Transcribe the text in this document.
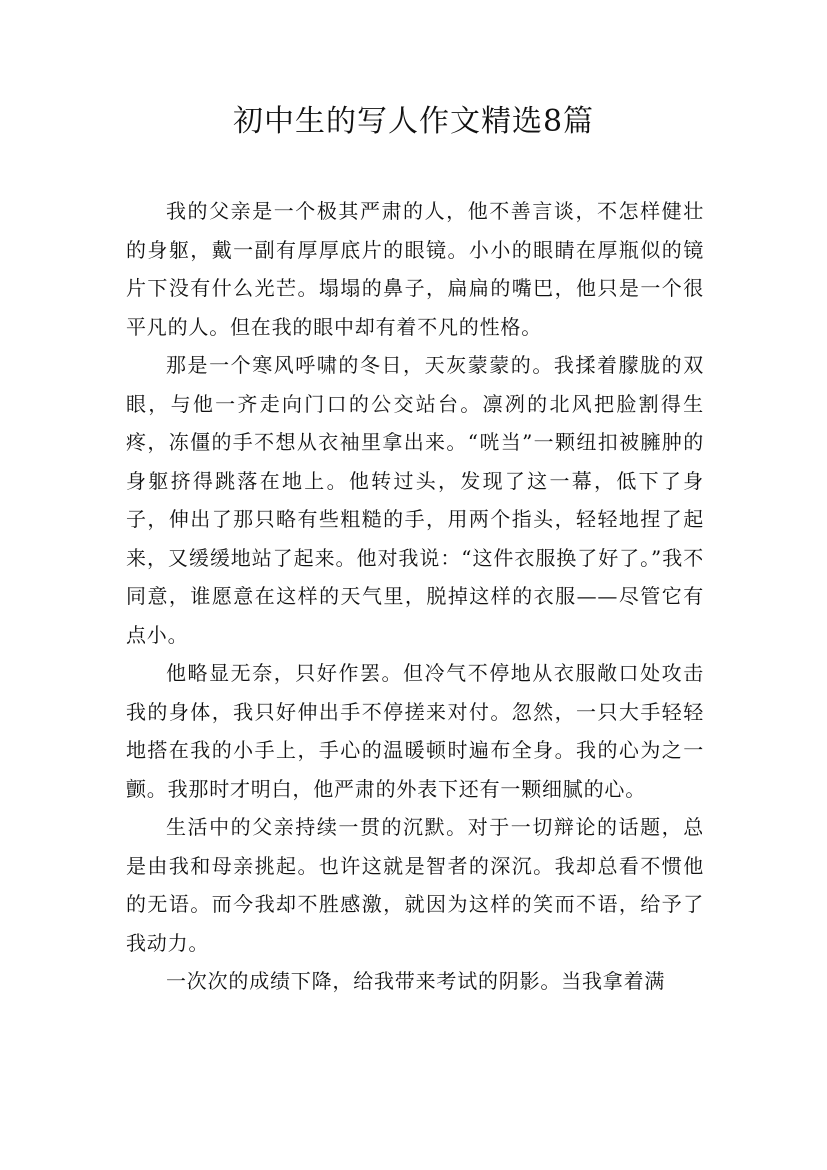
初中生的写人作文精选8篇

我的父亲是一个极其严肃的人，他不善言谈，不怎样健壮的身躯，戴一副有厚厚底片的眼镜。小小的眼睛在厚瓶似的镜片下没有什么光芒。塌塌的鼻子，扁扁的嘴巴，他只是一个很平凡的人。但在我的眼中却有着不凡的性格。

那是一个寒风呼啸的冬日，天灰蒙蒙的。我揉着朦胧的双眼，与他一齐走向门口的公交站台。凛冽的北风把脸割得生疼，冻僵的手不想从衣袖里拿出来。“咣当”一颗纽扣被臃肿的身躯挤得跳落在地上。他转过头，发现了这一幕，低下了身子，伸出了那只略有些粗糙的手，用两个指头，轻轻地捏了起来，又缓缓地站了起来。他对我说：“这件衣服换了好了。”我不同意，谁愿意在这样的天气里，脱掉这样的衣服——尽管它有点小。

他略显无奈，只好作罢。但冷气不停地从衣服敞口处攻击我的身体，我只好伸出手不停搓来对付。忽然，一只大手轻轻地搭在我的小手上，手心的温暖顿时遍布全身。我的心为之一颤。我那时才明白，他严肃的外表下还有一颗细腻的心。

生活中的父亲持续一贯的沉默。对于一切辩论的话题，总是由我和母亲挑起。也许这就是智者的深沉。我却总看不惯他的无语。而今我却不胜感激，就因为这样的笑而不语，给予了我动力。

一次次的成绩下降，给我带来考试的阴影。当我拿着满
